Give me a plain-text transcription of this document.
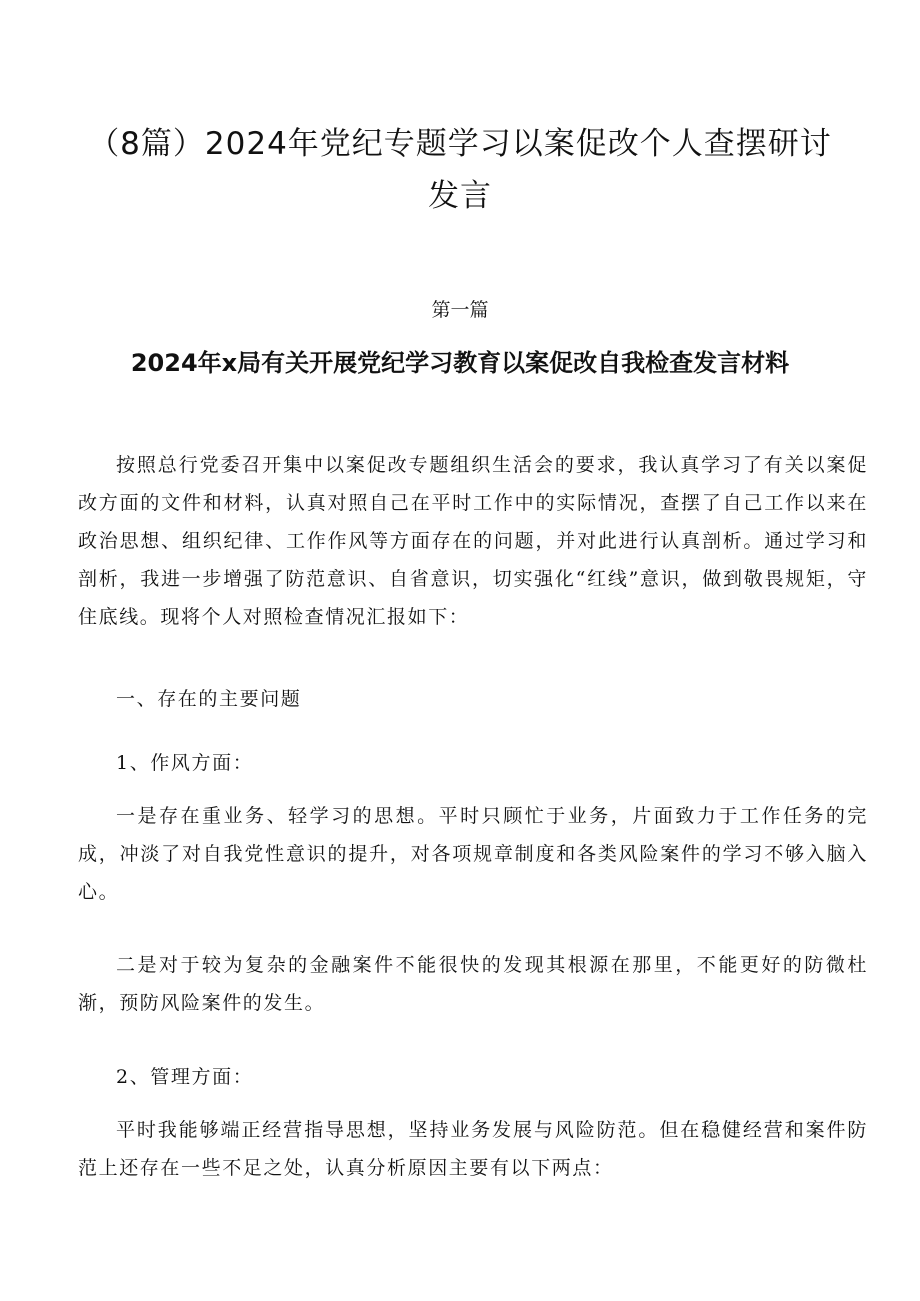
（8篇）2024年党纪专题学习以案促改个人查摆研讨发言

第一篇

2024年x局有关开展党纪学习教育以案促改自我检查发言材料

按照总行党委召开集中以案促改专题组织生活会的要求，我认真学习了有关以案促改方面的文件和材料，认真对照自己在平时工作中的实际情况，查摆了自己工作以来在政治思想、组织纪律、工作作风等方面存在的问题，并对此进行认真剖析。通过学习和剖析，我进一步增强了防范意识、自省意识，切实强化“红线”意识，做到敬畏规矩，守住底线。现将个人对照检查情况汇报如下：

一、存在的主要问题

1、作风方面：

一是存在重业务、轻学习的思想。平时只顾忙于业务，片面致力于工作任务的完成，冲淡了对自我党性意识的提升，对各项规章制度和各类风险案件的学习不够入脑入心。

二是对于较为复杂的金融案件不能很快的发现其根源在那里，不能更好的防微杜渐，预防风险案件的发生。

2、管理方面：

平时我能够端正经营指导思想，坚持业务发展与风险防范。但在稳健经营和案件防范上还存在一些不足之处，认真分析原因主要有以下两点：
